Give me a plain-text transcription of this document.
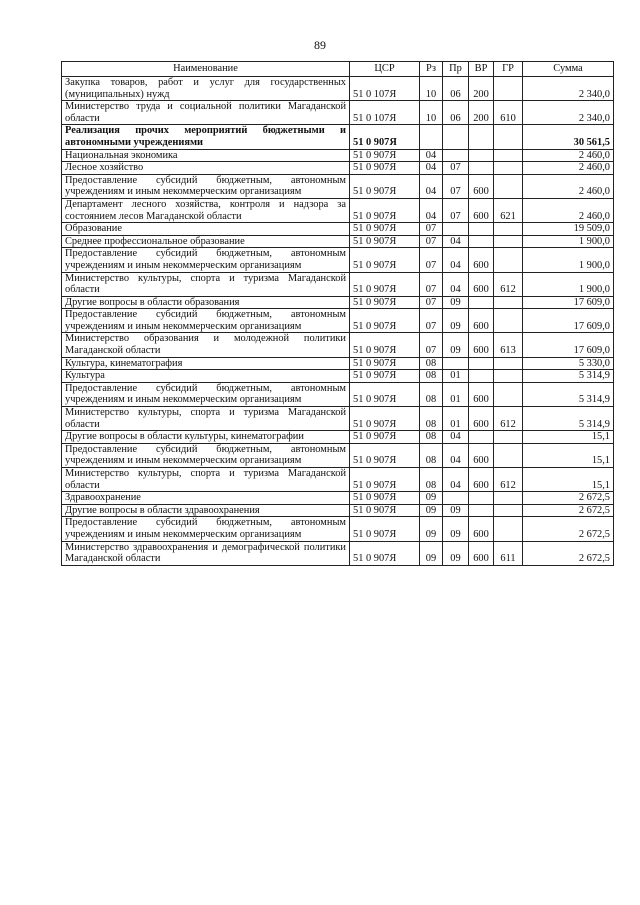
89
Наименование	ЦСР	Рз	Пр	ВР	ГР	Сумма
Закупка товаров, работ и услуг для государственных (муниципальных) нужд	51 0 107Я	10	06	200		2 340,0
Министерство труда и социальной политики Магаданской области	51 0 107Я	10	06	200	610	2 340,0
Реализация прочих мероприятий бюджетными и автономными учреждениями	51 0 907Я					30 561,5
Национальная экономика	51 0 907Я	04				2 460,0
Лесное хозяйство	51 0 907Я	04	07			2 460,0
Предоставление субсидий бюджетным, автономным учреждениям и иным некоммерческим организациям	51 0 907Я	04	07	600		2 460,0
Департамент лесного хозяйства, контроля и надзора за состоянием лесов Магаданской области	51 0 907Я	04	07	600	621	2 460,0
Образование	51 0 907Я	07				19 509,0
Среднее профессиональное образование	51 0 907Я	07	04			1 900,0
Предоставление субсидий бюджетным, автономным учреждениям и иным некоммерческим организациям	51 0 907Я	07	04	600		1 900,0
Министерство культуры, спорта и туризма Магаданской области	51 0 907Я	07	04	600	612	1 900,0
Другие вопросы в области образования	51 0 907Я	07	09			17 609,0
Предоставление субсидий бюджетным, автономным учреждениям и иным некоммерческим организациям	51 0 907Я	07	09	600		17 609,0
Министерство образования и молодежной политики Магаданской области	51 0 907Я	07	09	600	613	17 609,0
Культура, кинематография	51 0 907Я	08				5 330,0
Культура	51 0 907Я	08	01			5 314,9
Предоставление субсидий бюджетным, автономным учреждениям и иным некоммерческим организациям	51 0 907Я	08	01	600		5 314,9
Министерство культуры, спорта и туризма Магаданской области	51 0 907Я	08	01	600	612	5 314,9
Другие вопросы в области культуры, кинематографии	51 0 907Я	08	04			15,1
Предоставление субсидий бюджетным, автономным учреждениям и иным некоммерческим организациям	51 0 907Я	08	04	600		15,1
Министерство культуры, спорта и туризма Магаданской области	51 0 907Я	08	04	600	612	15,1
Здравоохранение	51 0 907Я	09				2 672,5
Другие вопросы в области здравоохранения	51 0 907Я	09	09			2 672,5
Предоставление субсидий бюджетным, автономным учреждениям и иным некоммерческим организациям	51 0 907Я	09	09	600		2 672,5
Министерство здравоохранения и демографической политики Магаданской области	51 0 907Я	09	09	600	611	2 672,5
